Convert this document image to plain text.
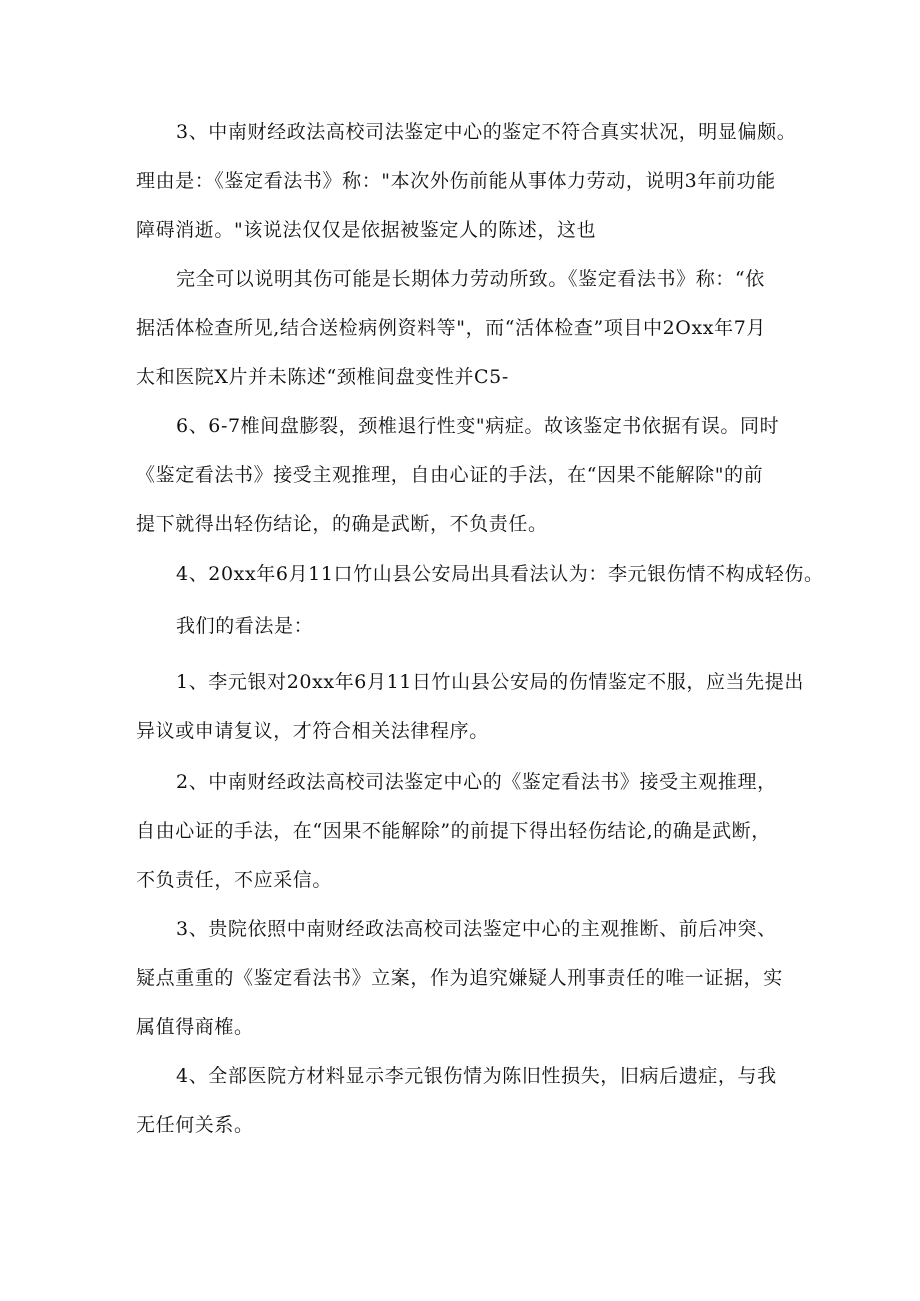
3、中南财经政法高校司法鉴定中心的鉴定不符合真实状况，明显偏颇。
理由是：《鉴定看法书》称："本次外伤前能从事体力劳动，说明3年前功能
障碍消逝。"该说法仅仅是依据被鉴定人的陈述，这也
完全可以说明其伤可能是长期体力劳动所致。《鉴定看法书》称：“依
据活体检查所见,结合送检病例资料等"，而“活体检查”项目中2Oxx年7月
太和医院X片并未陈述“颈椎间盘变性并C5-
6、6-7椎间盘膨裂，颈椎退行性变"病症。故该鉴定书依据有误。同时
《鉴定看法书》接受主观推理，自由心证的手法，在“因果不能解除"的前
提下就得出轻伤结论，的确是武断，不负责任。
4、20xx年6月11口竹山县公安局出具看法认为：李元银伤情不构成轻伤。
我们的看法是：
1、李元银对20xx年6月11日竹山县公安局的伤情鉴定不服，应当先提出
异议或申请复议，才符合相关法律程序。
2、中南财经政法高校司法鉴定中心的《鉴定看法书》接受主观推理，
自由心证的手法，在“因果不能解除”的前提下得出轻伤结论,的确是武断，
不负责任，不应采信。
3、贵院依照中南财经政法高校司法鉴定中心的主观推断、前后冲突、
疑点重重的《鉴定看法书》立案，作为追究嫌疑人刑事责任的唯一证据，实
属值得商榷。
4、全部医院方材料显示李元银伤情为陈旧性损失，旧病后遗症，与我
无任何关系。
